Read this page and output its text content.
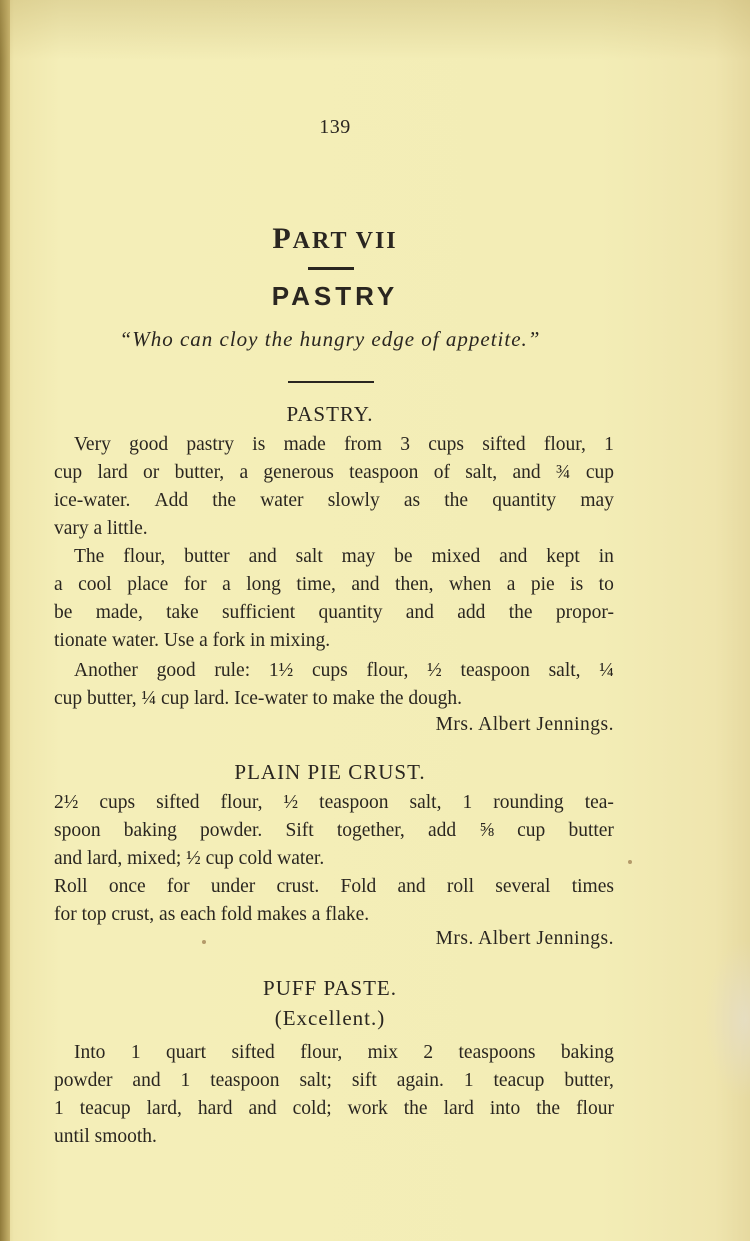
139
PART VII
PASTRY
“Who can cloy the hungry edge of appetite.”
PASTRY.
Very good pastry is made from 3 cups sifted flour, 1
cup lard or butter, a generous teaspoon of salt, and ¾ cup
ice-water. Add the water slowly as the quantity may
vary a little.
The flour, butter and salt may be mixed and kept in
a cool place for a long time, and then, when a pie is to
be made, take sufficient quantity and add the propor-
tionate water. Use a fork in mixing.
Another good rule: 1½ cups flour, ½ teaspoon salt, ¼
cup butter, ¼ cup lard. Ice-water to make the dough.
Mrs. Albert Jennings.
PLAIN PIE CRUST.
2½ cups sifted flour, ½ teaspoon salt, 1 rounding tea-
spoon baking powder. Sift together, add ⅝ cup butter
and lard, mixed; ½ cup cold water.
Roll once for under crust. Fold and roll several times
for top crust, as each fold makes a flake.
Mrs. Albert Jennings.
PUFF PASTE.
(Excellent.)
Into 1 quart sifted flour, mix 2 teaspoons baking
powder and 1 teaspoon salt; sift again. 1 teacup butter,
1 teacup lard, hard and cold; work the lard into the flour
until smooth.
